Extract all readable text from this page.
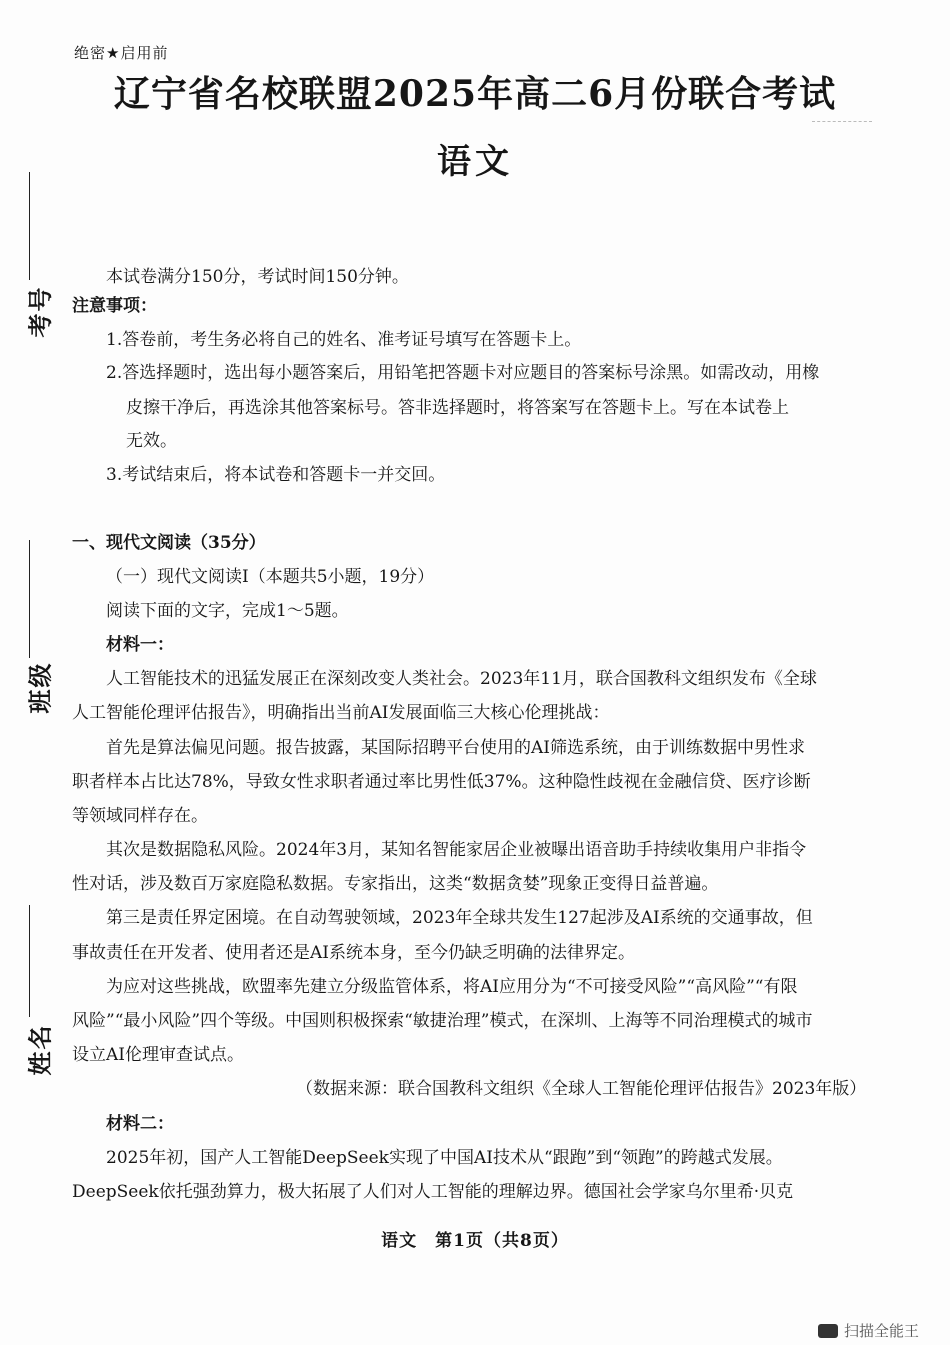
绝密★启用前
辽宁省名校联盟2025年高二6月份联合考试
语文
考号
班级
姓名
本试卷满分150分，考试时间150分钟。
注意事项：
1.答卷前，考生务必将自己的姓名、准考证号填写在答题卡上。
2.答选择题时，选出每小题答案后，用铅笔把答题卡对应题目的答案标号涂黑。如需改动，用橡
皮擦干净后，再选涂其他答案标号。答非选择题时，将答案写在答题卡上。写在本试卷上
无效。
3.考试结束后，将本试卷和答题卡一并交回。
一、现代文阅读（35分）
（一）现代文阅读Ⅰ（本题共5小题，19分）
阅读下面的文字，完成1～5题。
材料一：
人工智能技术的迅猛发展正在深刻改变人类社会。2023年11月，联合国教科文组织发布《全球
人工智能伦理评估报告》，明确指出当前AI发展面临三大核心伦理挑战：
首先是算法偏见问题。报告披露，某国际招聘平台使用的AI筛选系统，由于训练数据中男性求
职者样本占比达78%，导致女性求职者通过率比男性低37%。这种隐性歧视在金融信贷、医疗诊断
等领域同样存在。
其次是数据隐私风险。2024年3月，某知名智能家居企业被曝出语音助手持续收集用户非指令
性对话，涉及数百万家庭隐私数据。专家指出，这类“数据贪婪”现象正变得日益普遍。
第三是责任界定困境。在自动驾驶领域，2023年全球共发生127起涉及AI系统的交通事故，但
事故责任在开发者、使用者还是AI系统本身，至今仍缺乏明确的法律界定。
为应对这些挑战，欧盟率先建立分级监管体系，将AI应用分为“不可接受风险”“高风险”“有限
风险”“最小风险”四个等级。中国则积极探索“敏捷治理”模式，在深圳、上海等不同治理模式的城市
设立AI伦理审查试点。
（数据来源：联合国教科文组织《全球人工智能伦理评估报告》2023年版）
材料二：
2025年初，国产人工智能DeepSeek实现了中国AI技术从“跟跑”到“领跑”的跨越式发展。
DeepSeek依托强劲算力，极大拓展了人们对人工智能的理解边界。德国社会学家乌尔里希·贝克
语文　第1页（共8页）
扫描全能王
